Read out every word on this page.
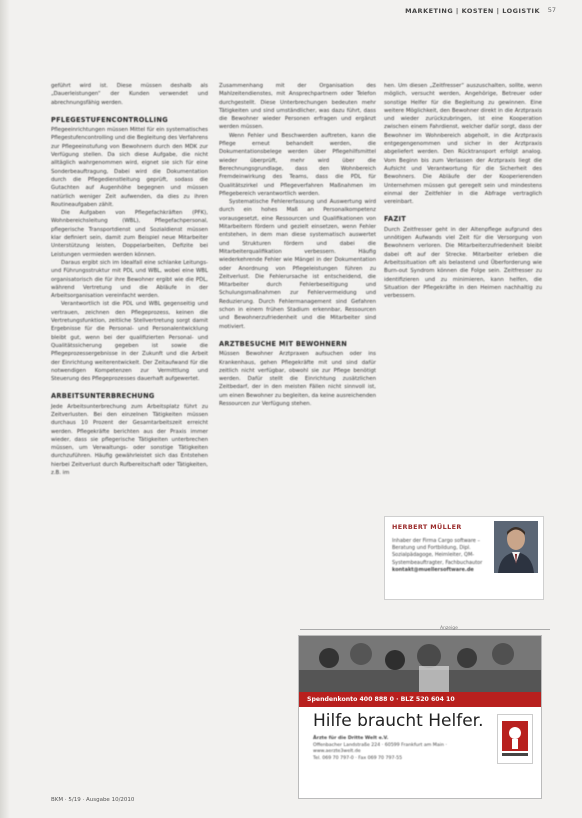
MARKETING | KOSTEN | LOGISTIK 57

geführt wird ist. Diese müssen deshalb als „Dauerleistungen“ der Kunden verwendet und abrechnungsfähig werden.

PFLEGESTUFENCONTROLLING

Pflegeeinrichtungen müssen Mittel für ein systematisches Pflegestufencontrolling und die Begleitung des Verfahrens zur Pflegeeinstufung von Bewohnern durch den MDK zur Verfügung stellen. Da sich diese Aufgabe, die nicht alltäglich wahrgenommen wird, eignet sie sich für eine Sonderbeauftragung, Dabei wird die Dokumentation durch die Pflegedienstleitung geprüft, sodass die Gutachten auf Augenhöhe begegnen und müssen natürlich weniger Zeit aufwenden, da dies zu ihren Routineaufgaben zählt.

Die Aufgaben von Pflegefachkräften (PFK), Wohnbereichsleitung (WBL), Pflegefachpersonal, pflegerische Transportdienst und Sozialdienst müssen klar definiert sein, damit zum Beispiel neue Mitarbeiter Unterstützung leisten, Doppelarbeiten, Defizite bei Leistungen vermieden werden können.

Daraus ergibt sich im Idealfall eine schlanke Leitungs- und Führungsstruktur mit PDL und WBL, wobei eine WBL organisatorisch die für ihre Bewohner ergibt wie die PDL, während Vertretung und die Abläufe in der Arbeitsorganisation vereinfacht werden.

Verantwortlich ist die PDL und WBL gegenseitig und vertrauen, zeichnen den Pflegeprozess, keinen die Vertretungsfunktion, zeitliche Stellvertretung sorgt damit Ergebnisse für die Personal- und Personalentwicklung bleibt gut, wenn bei der qualifizierten Personal- und Qualitätssicherung gegeben ist sowie die Pflegeprozessergebnisse in der Zukunft und die Arbeit der Einrichtung weiterentwickelt. Der Zeitaufwand für die notwendigen Kompetenzen zur Vermittlung und Steuerung des Pflegeprozesses dauerhaft aufgewertet.

ARBEITSUNTERBRECHUNG

Jede Arbeitsunterbrechung zum Arbeitsplatz führt zu Zeitverlusten. Bei den einzelnen Tätigkeiten müssen durchaus 10 Prozent der Gesamtarbeitszeit erreicht werden. Pflegekräfte berichten aus der Praxis immer wieder, dass sie pflegerische Tätigkeiten unterbrechen müssen, um Verwaltungs- oder sonstige Tätigkeiten durchzuführen. Häufig gewährleistet sich das Entstehen hierbei Zeitverlust durch Rufbereitschaft oder Tätigkeiten, z.B. im

Zusammenhang mit der Organisation des Mahlzeitendienstes, mit Ansprechpartnern oder Telefon durchgestellt. Diese Unterbrechungen bedeuten mehr Tätigkeiten und sind umständlicher, was dazu führt, dass die Bewohner wieder Personen erfragen und ergänzt werden müssen.

Wenn Fehler und Beschwerden auftreten, kann die Pflege erneut behandelt werden, die Dokumentationsbelege werden über Pflegehilfsmittel wieder überprüft, mehr wird über die Berechnungsgrundlage, dass den Wohnbereich Fremdeinwirkung des Teams, dass die PDL für Qualitätszirkel und Pflegeverfahren Maßnahmen im Pflegebereich verantwortlich werden.

Systematische Fehlererfassung und Auswertung wird durch ein hohes Maß an Personalkompetenz vorausgesetzt, eine Ressourcen und Qualifikationen von Mitarbeitern fördern und gezielt einsetzen, wenn Fehler entstehen, in dem man diese systematisch auswertet und Strukturen fördern und dabei die Mitarbeiterqualifikation verbessern. Häufig wiederkehrende Fehler wie Mängel in der Dokumentation oder Anordnung von Pflegeleistungen führen zu Zeitverlust. Die Fehlerursache ist entscheidend, die Mitarbeiter durch Fehlerbeseitigung und Schulungsmaßnahmen zur Fehlervermeidung und Reduzierung. Durch Fehlermanagement sind Gefahren schon in einem frühen Stadium erkennbar, Ressourcen und Bewohnerzufriedenheit und die Mitarbeiter sind motiviert.

ARZTBESUCHE MIT BEWOHNERN

Müssen Bewohner Arztpraxen aufsuchen oder ins Krankenhaus, gehen Pflegekräfte mit und sind dafür zeitlich nicht verfügbar, obwohl sie zur Pflege benötigt werden. Dafür stellt die Einrichtung zusätzlichen Zeitbedarf, der in den meisten Fällen nicht sinnvoll ist, um einen Bewohner zu begleiten, da keine ausreichenden Ressourcen zur Verfügung stehen.

hen. Um diesen „Zeitfresser“ auszuschalten, sollte, wenn möglich, versucht werden, Angehörige, Betreuer oder sonstige Helfer für die Begleitung zu gewinnen. Eine weitere Möglichkeit, den Bewohner direkt in die Arztpraxis und wieder zurückzubringen, ist eine Kooperation zwischen einem Fahrdienst, welcher dafür sorgt, dass der Bewohner im Wohnbereich abgeholt, in die Arztpraxis entgegengenommen und sicher in der Arztpraxis abgeliefert werden. Den Rücktransport erfolgt analog. Vom Beginn bis zum Verlassen der Arztpraxis liegt die Aufsicht und Verantwortung für die Sicherheit des Bewohners. Die Abläufe der der Kooperierenden Unternehmen müssen gut geregelt sein und mindestens einmal der Zeitfehler in die Abfrage vertraglich vereinbart.

FAZIT

Durch Zeitfresser geht in der Altenpflege aufgrund des unnötigen Aufwands viel Zeit für die Versorgung von Bewohnern verloren. Die Mitarbeiterzufriedenheit bleibt dabei oft auf der Strecke. Mitarbeiter erleben die Arbeitssituation oft als belastend und Überforderung wie Burn-out Syndrom können die Folge sein. Zeitfresser zu identifizieren und zu minimieren, kann helfen, die Situation der Pflegekräfte in den Heimen nachhaltig zu verbessern.

HERBERT MÜLLER
Inhaber der Firma Cargo software – Beratung und Fortbildung, Dipl. Sozialpädagoge, Heimleiter, QM-Systembeauftragter, Fachbuchautor
kontakt@muellersoftware.de
Anzeige
Spendenkonto 400 888 0 · BLZ 520 604 10
Hilfe braucht Helfer.
Ärzte für die Dritte Welt e.V.
Offenbacher Landstraße 224 · 60599 Frankfurt am Main · www.aerzte3welt.de
Tel. 069 70 797-0 · Fax 069 70 797-55
BKM · 5/19 · Ausgabe 10/2010
